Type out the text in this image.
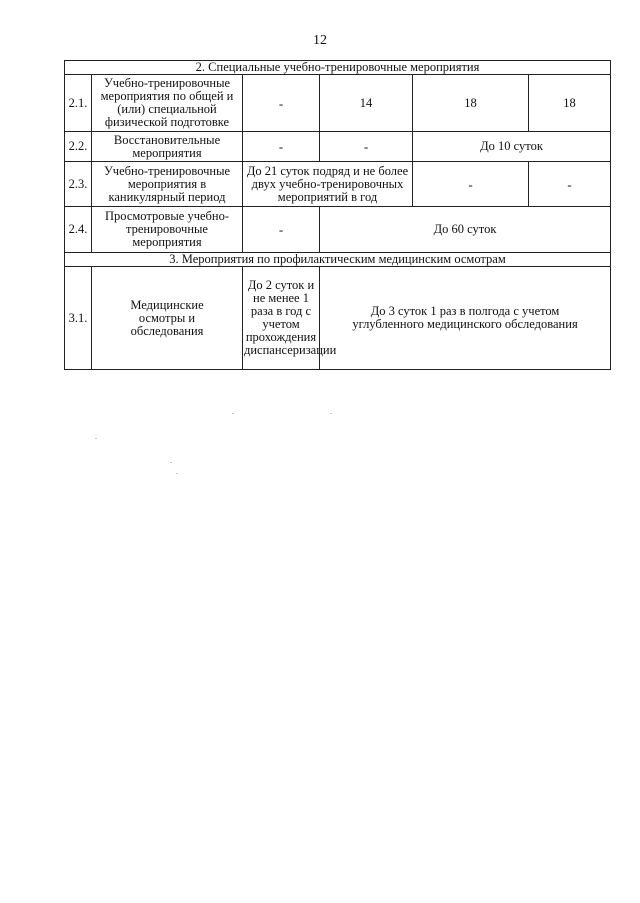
12
2. Специальные учебно-тренировочные мероприятия					
2.1.	Учебно-тренировочные мероприятия по общей и (или) специальной физической подготовке	-	14	18	18
2.2.	Восстановительные мероприятия	-	-	До 10 суток	
2.3.	Учебно-тренировочные мероприятия в каникулярный период	До 21 суток подряд и не более двух учебно-тренировочных мероприятий в год		-	-
2.4.	Просмотровые учебно-тренировочные мероприятия	-	До 60 суток		
3. Мероприятия по профилактическим медицинским осмотрам					
3.1.	Медицинские осмотры и обследования	До 2 суток и не менее 1 раза в год с учетом прохождения диспансеризации	До 3 суток 1 раз в полгода с учетом углубленного медицинского обследования		
